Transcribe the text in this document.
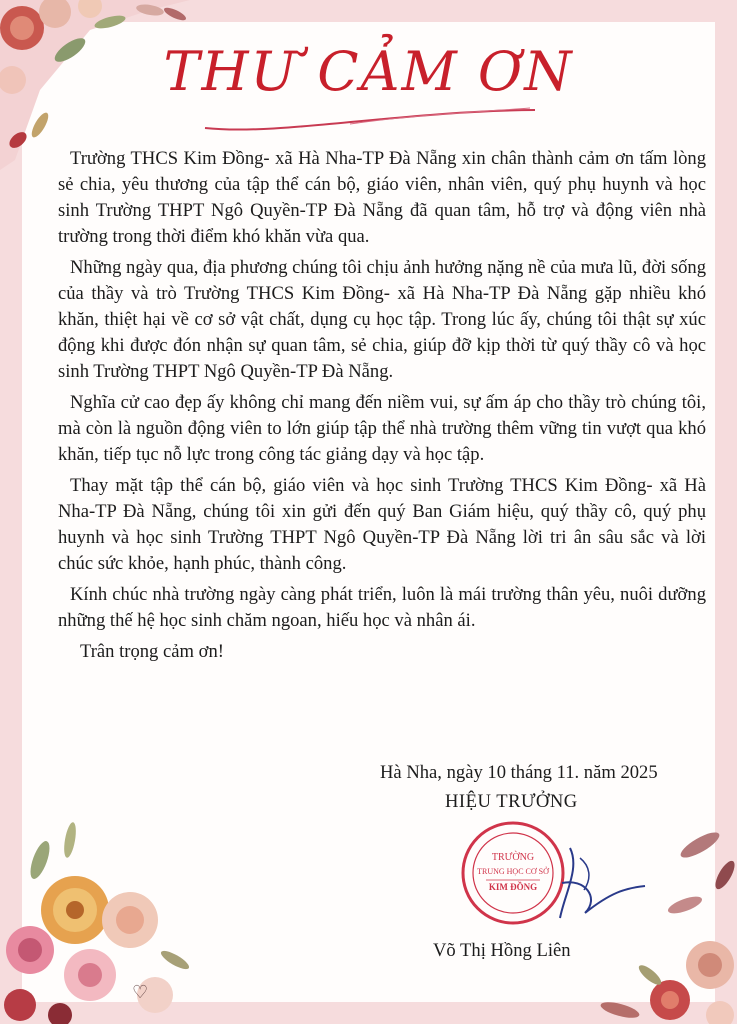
THƯ CẢM ƠN

Trường THCS Kim Đồng- xã Hà Nha-TP Đà Nẵng xin chân thành cảm ơn tấm lòng sẻ chia, yêu thương của tập thể cán bộ, giáo viên, nhân viên, quý phụ huynh và học sinh Trường THPT Ngô Quyền-TP Đà Nẵng đã quan tâm, hỗ trợ và động viên nhà trường trong thời điểm khó khăn vừa qua.

Những ngày qua, địa phương chúng tôi chịu ảnh hưởng nặng nề của mưa lũ, đời sống của thầy và trò Trường THCS Kim Đồng- xã Hà Nha-TP Đà Nẵng gặp nhiều khó khăn, thiệt hại về cơ sở vật chất, dụng cụ học tập. Trong lúc ấy, chúng tôi thật sự xúc động khi được đón nhận sự quan tâm, sẻ chia, giúp đỡ kịp thời từ quý thầy cô và học sinh Trường THPT Ngô Quyền-TP Đà Nẵng.

Nghĩa cử cao đẹp ấy không chỉ mang đến niềm vui, sự ấm áp cho thầy trò chúng tôi, mà còn là nguồn động viên to lớn giúp tập thể nhà trường thêm vững tin vượt qua khó khăn, tiếp tục nỗ lực trong công tác giảng dạy và học tập.

Thay mặt tập thể cán bộ, giáo viên và học sinh Trường THCS Kim Đồng- xã Hà Nha-TP Đà Nẵng, chúng tôi xin gửi đến quý Ban Giám hiệu, quý thầy cô, quý phụ huynh và học sinh Trường THPT Ngô Quyền-TP Đà Nẵng lời tri ân sâu sắc và lời chúc sức khỏe, hạnh phúc, thành công.

Kính chúc nhà trường ngày càng phát triển, luôn là mái trường thân yêu, nuôi dưỡng những thế hệ học sinh chăm ngoan, hiếu học và nhân ái.

Trân trọng cảm ơn!

Hà Nha, ngày 10 tháng 11. năm 2025
HIỆU TRƯỞNG
TRƯỜNG
TRUNG HỌC CƠ SỞ
KIM ĐỒNG
Võ Thị Hồng Liên
♡
